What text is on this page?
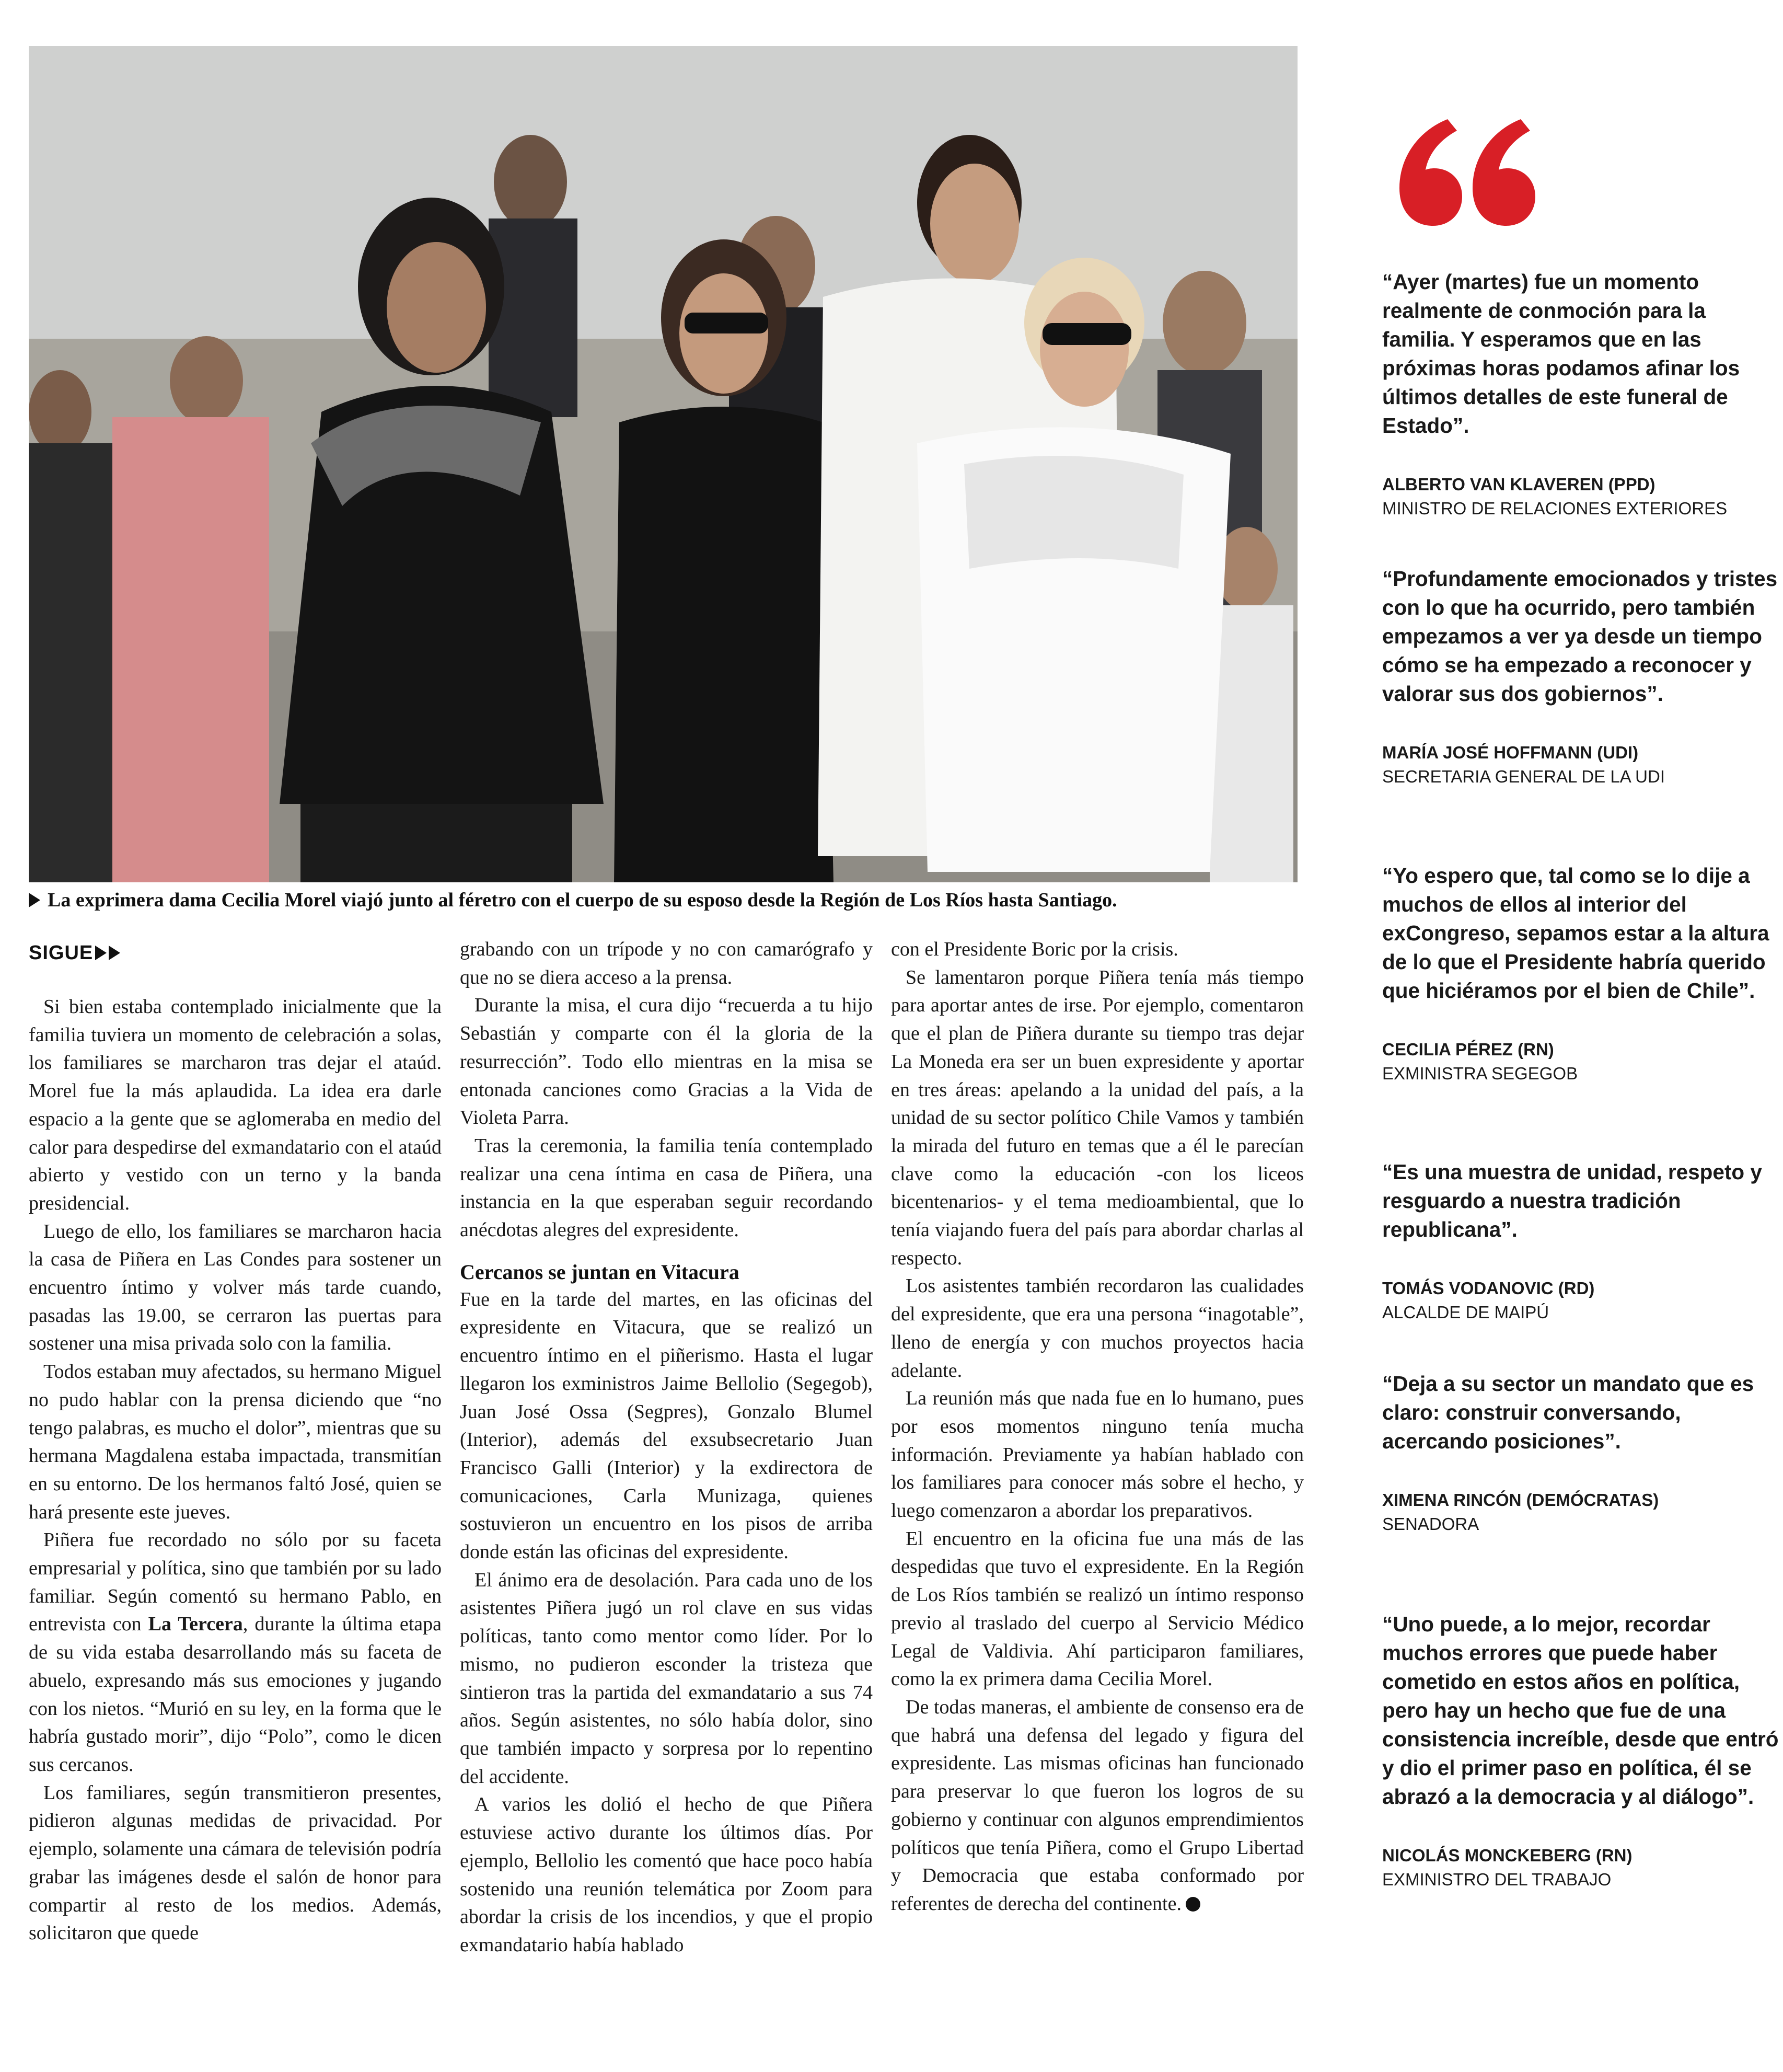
La exprimera dama Cecilia Morel viajó junto al féretro con el cuerpo de su esposo desde la Región de Los Ríos hasta Santiago.
SIGUE

Si bien estaba contemplado inicialmente que la familia tuviera un momento de celebración a solas, los familiares se marcharon tras dejar el ataúd. Morel fue la más aplaudida. La idea era darle espacio a la gente que se aglomeraba en medio del calor para despedirse del exmandatario con el ataúd abierto y vestido con un terno y la banda presidencial.

Luego de ello, los familiares se marcharon hacia la casa de Piñera en Las Condes para sostener un encuentro íntimo y volver más tarde cuando, pasadas las 19.00, se cerraron las puertas para sostener una misa privada solo con la familia.

Todos estaban muy afectados, su hermano Miguel no pudo hablar con la prensa diciendo que “no tengo palabras, es mucho el dolor”, mientras que su hermana Magdalena estaba impactada, transmitían en su entorno. De los hermanos faltó José, quien se hará presente este jueves.

Piñera fue recordado no sólo por su faceta empresarial y política, sino que también por su lado familiar. Según comentó su hermano Pablo, en entrevista con La Tercera, durante la última etapa de su vida estaba desarrollando más su faceta de abuelo, expresando más sus emociones y jugando con los nietos. “Murió en su ley, en la forma que le habría gustado morir”, dijo “Polo”, como le dicen sus cercanos.

Los familiares, según transmitieron presentes, pidieron algunas medidas de privacidad. Por ejemplo, solamente una cámara de televisión podría grabar las imágenes desde el salón de honor para compartir al resto de los medios. Además, solicitaron que quede

grabando con un trípode y no con camarógrafo y que no se diera acceso a la prensa.

Durante la misa, el cura dijo “recuerda a tu hijo Sebastián y comparte con él la gloria de la resurrección”. Todo ello mientras en la misa se entonada canciones como Gracias a la Vida de Violeta Parra.

Tras la ceremonia, la familia tenía contemplado realizar una cena íntima en casa de Piñera, una instancia en la que esperaban seguir recordando anécdotas alegres del expresidente.

Cercanos se juntan en Vitacura

Fue en la tarde del martes, en las oficinas del expresidente en Vitacura, que se realizó un encuentro íntimo en el piñerismo. Hasta el lugar llegaron los exministros Jaime Bellolio (Segegob), Juan José Ossa (Segpres), Gonzalo Blumel (Interior), además del exsubsecretario Juan Francisco Galli (Interior) y la exdirectora de comunicaciones, Carla Munizaga, quienes sostuvieron un encuentro en los pisos de arriba donde están las oficinas del expresidente.

El ánimo era de desolación. Para cada uno de los asistentes Piñera jugó un rol clave en sus vidas políticas, tanto como mentor como líder. Por lo mismo, no pudieron esconder la tristeza que sintieron tras la partida del exmandatario a sus 74 años. Según asistentes, no sólo había dolor, sino que también impacto y sorpresa por lo repentino del accidente.

A varios les dolió el hecho de que Piñera estuviese activo durante los últimos días. Por ejemplo, Bellolio les comentó que hace poco había sostenido una reunión telemática por Zoom para abordar la crisis de los incendios, y que el propio exmandatario había hablado

con el Presidente Boric por la crisis.

Se lamentaron porque Piñera tenía más tiempo para aportar antes de irse. Por ejemplo, comentaron que el plan de Piñera durante su tiempo tras dejar La Moneda era ser un buen expresidente y aportar en tres áreas: apelando a la unidad del país, a la unidad de su sector político Chile Vamos y también la mirada del futuro en temas que a él le parecían clave como la educación -con los liceos bicentenarios- y el tema medioambiental, que lo tenía viajando fuera del país para abordar charlas al respecto.

Los asistentes también recordaron las cualidades del expresidente, que era una persona “inagotable”, lleno de energía y con muchos proyectos hacia adelante.

La reunión más que nada fue en lo humano, pues por esos momentos ninguno tenía mucha información. Previamente ya habían hablado con los familiares para conocer más sobre el hecho, y luego comenzaron a abordar los preparativos.

El encuentro en la oficina fue una más de las despedidas que tuvo el expresidente. En la Región de Los Ríos también se realizó un íntimo responso previo al traslado del cuerpo al Servicio Médico Legal de Valdivia. Ahí participaron familiares, como la ex primera dama Cecilia Morel.

De todas maneras, el ambiente de consenso era de que habrá una defensa del legado y figura del expresidente. Las mismas oficinas han funcionado para preservar lo que fueron los logros de su gobierno y continuar con algunos emprendimientos políticos que tenía Piñera, como el Grupo Libertad y Democracia que estaba conformado por referentes de derecha del continente.

“Ayer (martes) fue un momento realmente de conmoción para la familia. Y esperamos que en las próximas horas podamos afinar los últimos detalles de este funeral de Estado”.

ALBERTO VAN KLAVEREN (PPD)

MINISTRO DE RELACIONES EXTERIORES

“Profundamente emocionados y tristes con lo que ha ocurrido, pero también empezamos a ver ya desde un tiempo cómo se ha empezado a reconocer y valorar sus dos gobiernos”.

MARÍA JOSÉ HOFFMANN (UDI)

SECRETARIA GENERAL DE LA UDI

“Yo espero que, tal como se lo dije a muchos de ellos al interior del exCongreso, sepamos estar a la altura de lo que el Presidente habría querido que hiciéramos por el bien de Chile”.

CECILIA PÉREZ (RN)

EXMINISTRA SEGEGOB

“Es una muestra de unidad, respeto y resguardo a nuestra tradición republicana”.

TOMÁS VODANOVIC (RD)

ALCALDE DE MAIPÚ

“Deja a su sector un mandato que es claro: construir conversando, acercando posiciones”.

XIMENA RINCÓN (DEMÓCRATAS)

SENADORA

“Uno puede, a lo mejor, recordar muchos errores que puede haber cometido en estos años en política, pero hay un hecho que fue de una consistencia increíble, desde que entró y dio el primer paso en política, él se abrazó a la democracia y al diálogo”.

NICOLÁS MONCKEBERG (RN)

EXMINISTRO DEL TRABAJO
